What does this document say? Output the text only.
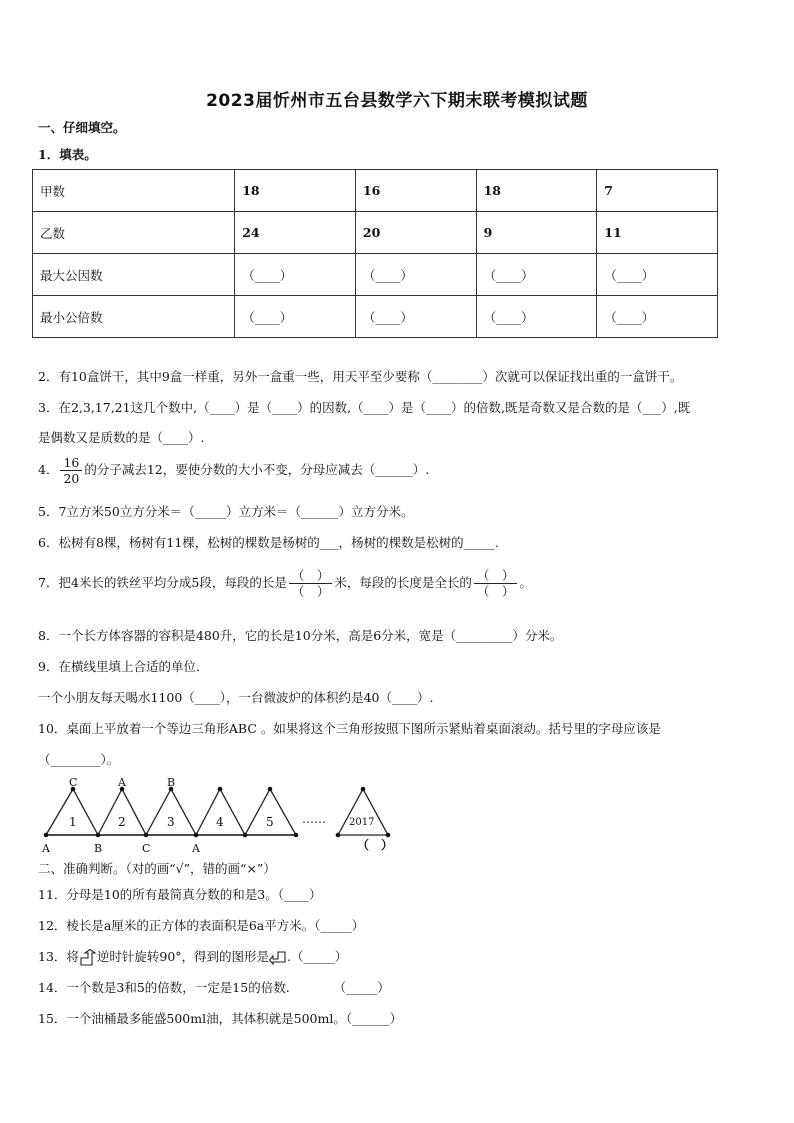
2023届忻州市五台县数学六下期末联考模拟试题
一、仔细填空。
1．填表。
甲数	18	16	18	7
乙数	24	20	9	11
最大公因数	（____）	（____）	（____）	（____）
最小公倍数	（____）	（____）	（____）	（____）
2．有10盒饼干，其中9盒一样重，另外一盒重一些，用天平至少要称（________）次就可以保证找出重的一盒饼干。
3．在2,3,17,21这几个数中,（____）是（____）的因数,（____）是（____）的倍数,既是奇数又是合数的是（___）,既
是偶数又是质数的是（____）.
4． $\frac{16}{20}$ 的分子减去12，要使分数的大小不变，分母应减去（______）.
5．7立方米50立方分米＝（_____）立方米＝（______）立方分米。
6．松树有8棵，杨树有11棵，松树的棵数是杨树的___，杨树的棵数是松树的_____.
7．把4米长的铁丝平均分成5段，每段的长是 $\frac{( )}{( )}$ 米，每段的长度是全长的 $\frac{( )}{( )}$ 。
8．一个长方体容器的容积是480升，它的长是10分米，高是6分米，宽是（_________）分米。
9．在横线里填上合适的单位．
一个小朋友每天喝水1100（____），一台微波炉的体积约是40（____）.
10．桌面上平放着一个等边三角形ABC 。如果将这个三角形按照下图所示紧贴着桌面滚动。括号里的字母应该是
（________）。
C	A	B
A	B	C	A
1	2	3	4	5 …… 2017
（　）
二、准确判断。（对的画“√”，错的画“×”）
11．分母是10的所有最简真分数的和是3。（____）
12．棱长是a厘米的正方体的表面积是6a平方米。（_____）
13．将 逆时针旋转90°，得到的图形是 .（_____）
14．一个数是3和5的倍数，一定是15的倍数.　　　　（_____）
15．一个油桶最多能盛500ml油，其体积就是500ml。（______）
